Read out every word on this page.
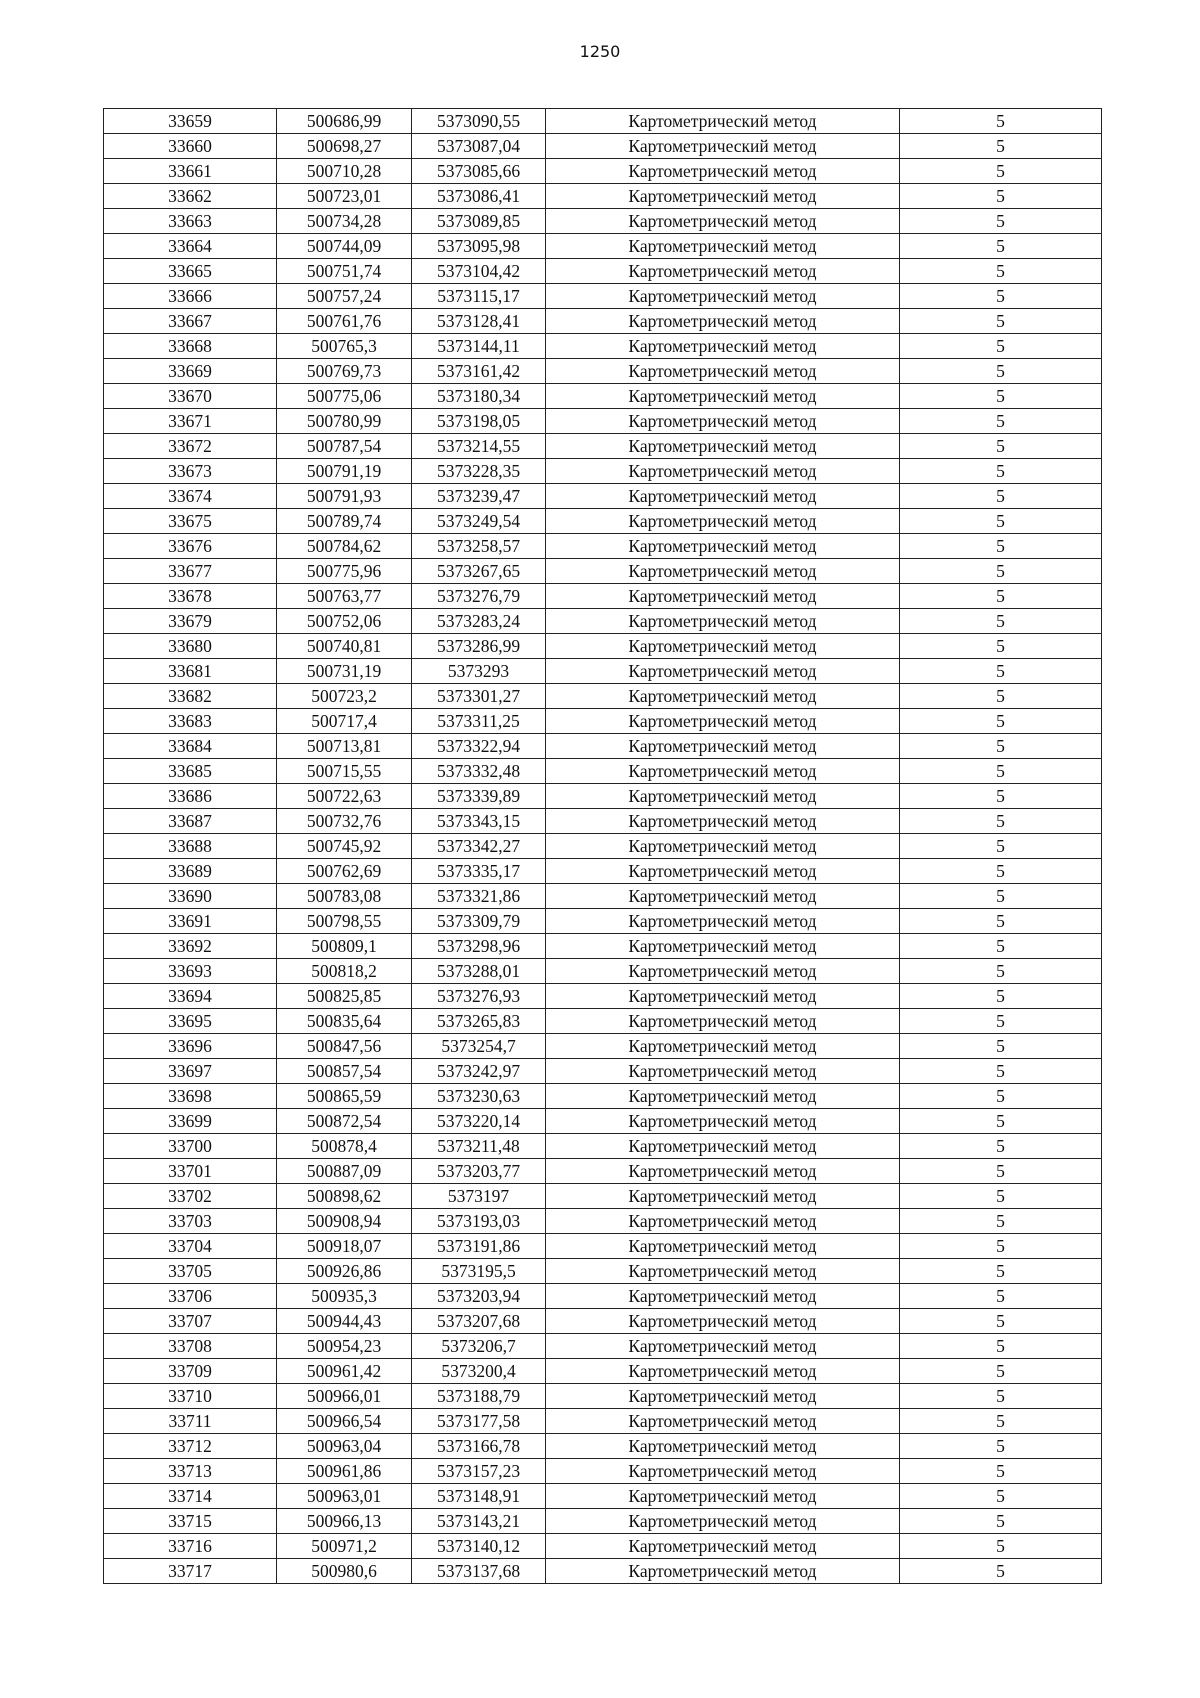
1250
33659	500686,99	5373090,55	Картометрический метод	5
33660	500698,27	5373087,04	Картометрический метод	5
33661	500710,28	5373085,66	Картометрический метод	5
33662	500723,01	5373086,41	Картометрический метод	5
33663	500734,28	5373089,85	Картометрический метод	5
33664	500744,09	5373095,98	Картометрический метод	5
33665	500751,74	5373104,42	Картометрический метод	5
33666	500757,24	5373115,17	Картометрический метод	5
33667	500761,76	5373128,41	Картометрический метод	5
33668	500765,3	5373144,11	Картометрический метод	5
33669	500769,73	5373161,42	Картометрический метод	5
33670	500775,06	5373180,34	Картометрический метод	5
33671	500780,99	5373198,05	Картометрический метод	5
33672	500787,54	5373214,55	Картометрический метод	5
33673	500791,19	5373228,35	Картометрический метод	5
33674	500791,93	5373239,47	Картометрический метод	5
33675	500789,74	5373249,54	Картометрический метод	5
33676	500784,62	5373258,57	Картометрический метод	5
33677	500775,96	5373267,65	Картометрический метод	5
33678	500763,77	5373276,79	Картометрический метод	5
33679	500752,06	5373283,24	Картометрический метод	5
33680	500740,81	5373286,99	Картометрический метод	5
33681	500731,19	5373293	Картометрический метод	5
33682	500723,2	5373301,27	Картометрический метод	5
33683	500717,4	5373311,25	Картометрический метод	5
33684	500713,81	5373322,94	Картометрический метод	5
33685	500715,55	5373332,48	Картометрический метод	5
33686	500722,63	5373339,89	Картометрический метод	5
33687	500732,76	5373343,15	Картометрический метод	5
33688	500745,92	5373342,27	Картометрический метод	5
33689	500762,69	5373335,17	Картометрический метод	5
33690	500783,08	5373321,86	Картометрический метод	5
33691	500798,55	5373309,79	Картометрический метод	5
33692	500809,1	5373298,96	Картометрический метод	5
33693	500818,2	5373288,01	Картометрический метод	5
33694	500825,85	5373276,93	Картометрический метод	5
33695	500835,64	5373265,83	Картометрический метод	5
33696	500847,56	5373254,7	Картометрический метод	5
33697	500857,54	5373242,97	Картометрический метод	5
33698	500865,59	5373230,63	Картометрический метод	5
33699	500872,54	5373220,14	Картометрический метод	5
33700	500878,4	5373211,48	Картометрический метод	5
33701	500887,09	5373203,77	Картометрический метод	5
33702	500898,62	5373197	Картометрический метод	5
33703	500908,94	5373193,03	Картометрический метод	5
33704	500918,07	5373191,86	Картометрический метод	5
33705	500926,86	5373195,5	Картометрический метод	5
33706	500935,3	5373203,94	Картометрический метод	5
33707	500944,43	5373207,68	Картометрический метод	5
33708	500954,23	5373206,7	Картометрический метод	5
33709	500961,42	5373200,4	Картометрический метод	5
33710	500966,01	5373188,79	Картометрический метод	5
33711	500966,54	5373177,58	Картометрический метод	5
33712	500963,04	5373166,78	Картометрический метод	5
33713	500961,86	5373157,23	Картометрический метод	5
33714	500963,01	5373148,91	Картометрический метод	5
33715	500966,13	5373143,21	Картометрический метод	5
33716	500971,2	5373140,12	Картометрический метод	5
33717	500980,6	5373137,68	Картометрический метод	5
